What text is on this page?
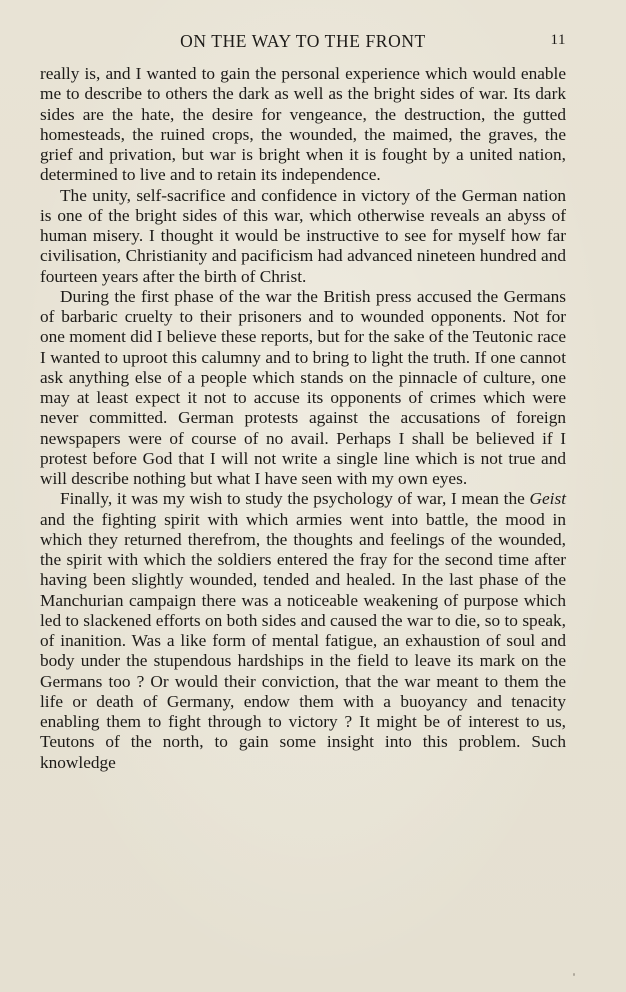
ON THE WAY TO THE FRONT	11

really is, and I wanted to gain the personal experience which would enable me to describe to others the dark as well as the bright sides of war. Its dark sides are the hate, the desire for vengeance, the destruction, the gutted homesteads, the ruined crops, the wounded, the maimed, the graves, the grief and privation, but war is bright when it is fought by a united nation, determined to live and to retain its independence.

The unity, self-sacrifice and confidence in victory of the German nation is one of the bright sides of this war, which otherwise reveals an abyss of human misery. I thought it would be instructive to see for myself how far civilisation, Christianity and pacificism had advanced nineteen hundred and fourteen years after the birth of Christ.

During the first phase of the war the British press accused the Germans of barbaric cruelty to their prisoners and to wounded opponents. Not for one moment did I believe these reports, but for the sake of the Teutonic race I wanted to uproot this calumny and to bring to light the truth. If one cannot ask anything else of a people which stands on the pinnacle of culture, one may at least expect it not to accuse its opponents of crimes which were never committed. German protests against the accusations of foreign newspapers were of course of no avail. Perhaps I shall be believed if I protest before God that I will not write a single line which is not true and will describe nothing but what I have seen with my own eyes.

Finally, it was my wish to study the psychology of war, I mean the Geist and the fighting spirit with which armies went into battle, the mood in which they returned therefrom, the thoughts and feelings of the wounded, the spirit with which the soldiers entered the fray for the second time after having been slightly wounded, tended and healed. In the last phase of the Manchurian campaign there was a noticeable weakening of purpose which led to slackened efforts on both sides and caused the war to die, so to speak, of inanition. Was a like form of mental fatigue, an exhaustion of soul and body under the stupendous hardships in the field to leave its mark on the Germans too ? Or would their conviction, that the war meant to them the life or death of Germany, endow them with a buoyancy and tenacity enabling them to fight through to victory ? It might be of interest to us, Teutons of the north, to gain some insight into this problem. Such knowledge
